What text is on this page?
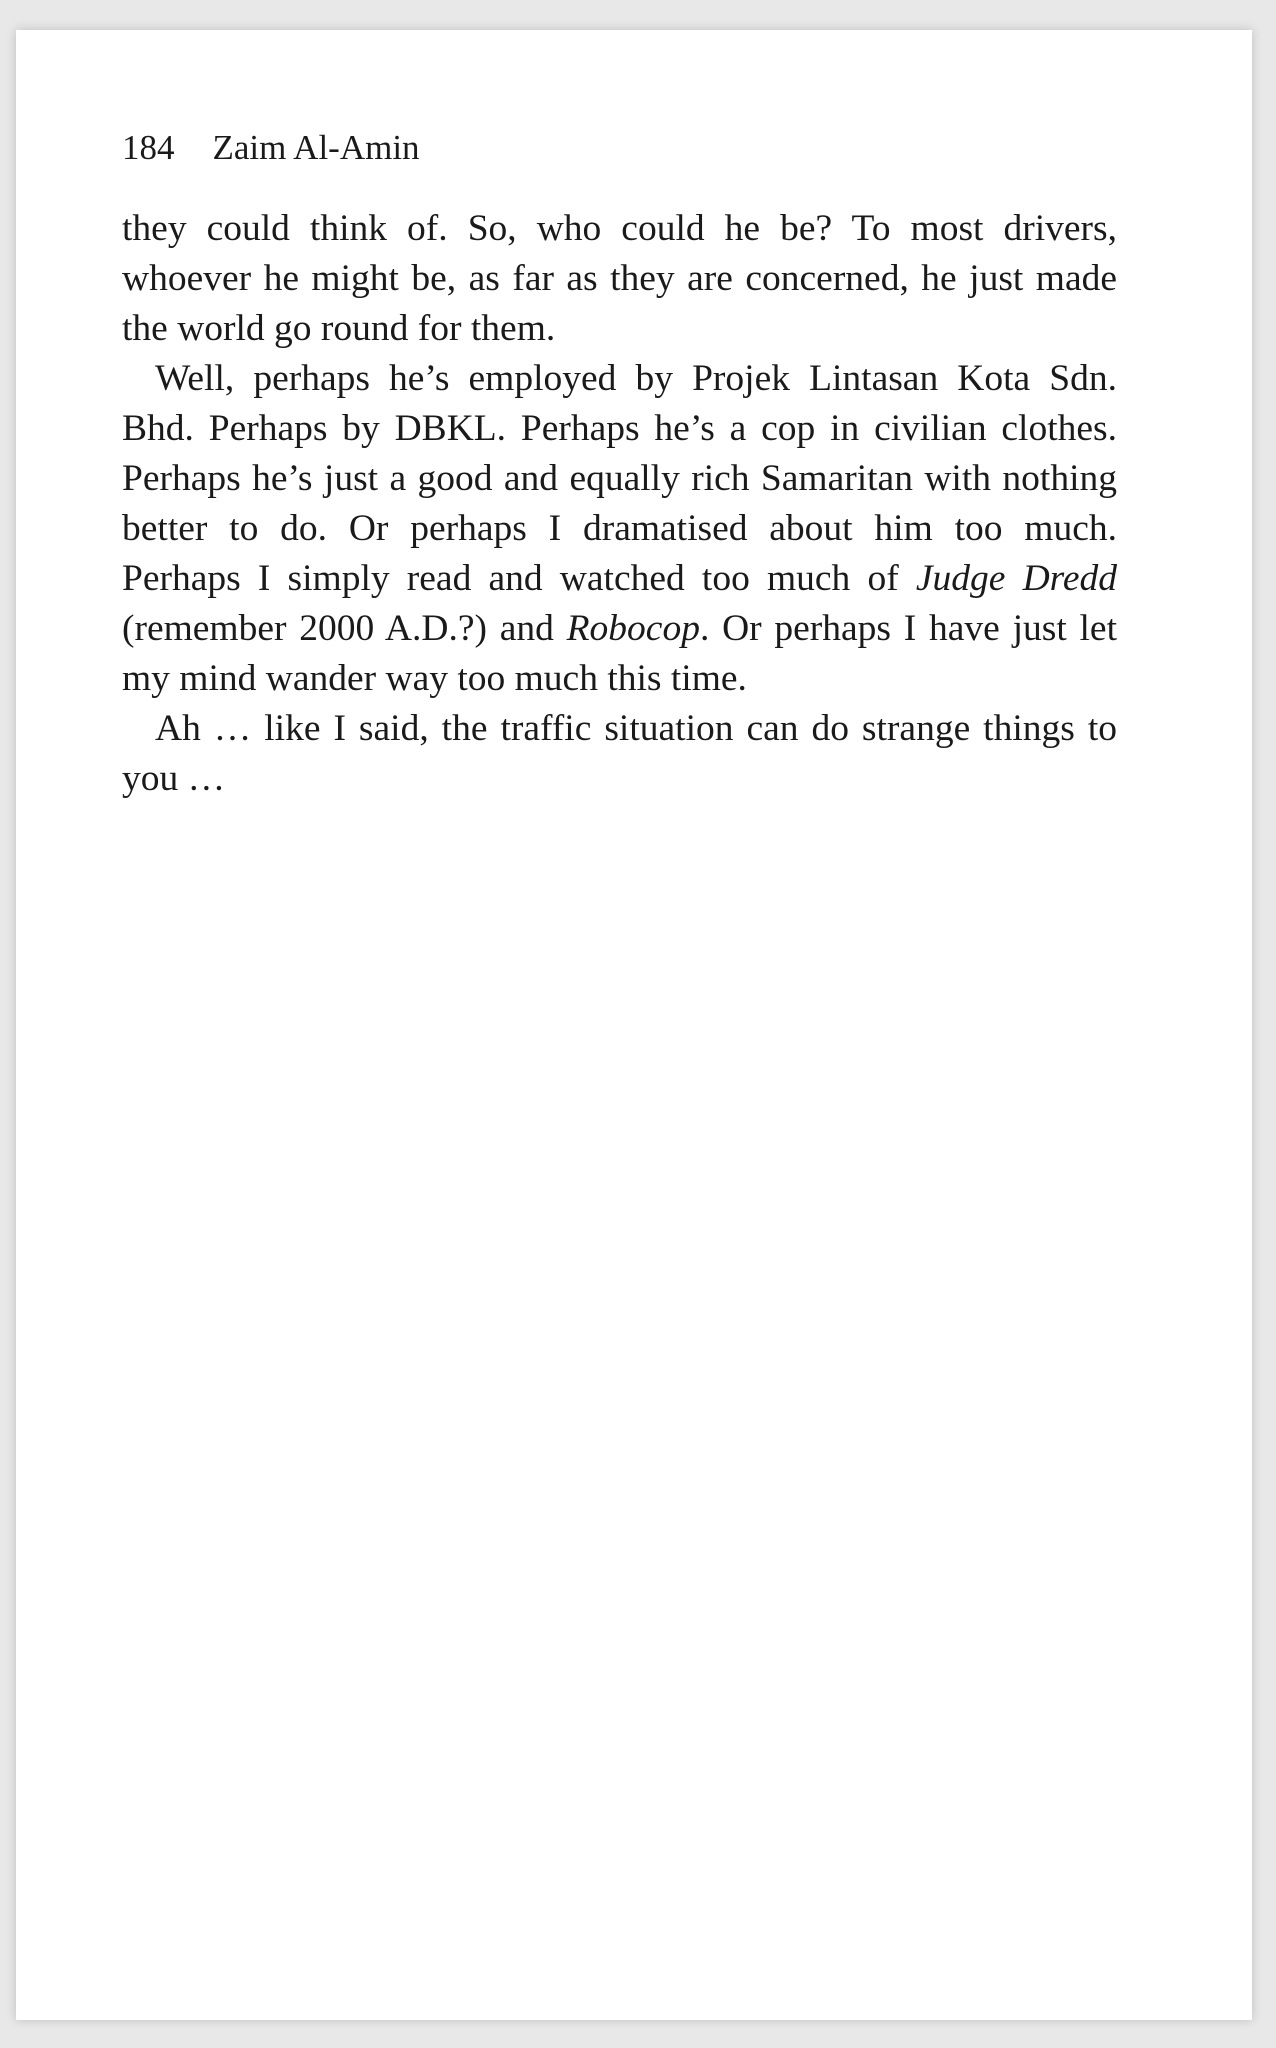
184 Zaim Al-Amin

they could think of. So, who could he be? To most drivers, whoever he might be, as far as they are concerned, he just made the world go round for them.

Well, perhaps he’s employed by Projek Lintasan Kota Sdn. Bhd. Perhaps by DBKL. Perhaps he’s a cop in civilian clothes. Perhaps he’s just a good and equally rich Samaritan with nothing better to do. Or perhaps I dramatised about him too much. Perhaps I simply read and watched too much of Judge Dredd (remember 2000 A.D.?) and Robocop. Or perhaps I have just let my mind wander way too much this time.

Ah … like I said, the traffic situation can do strange things to you …
